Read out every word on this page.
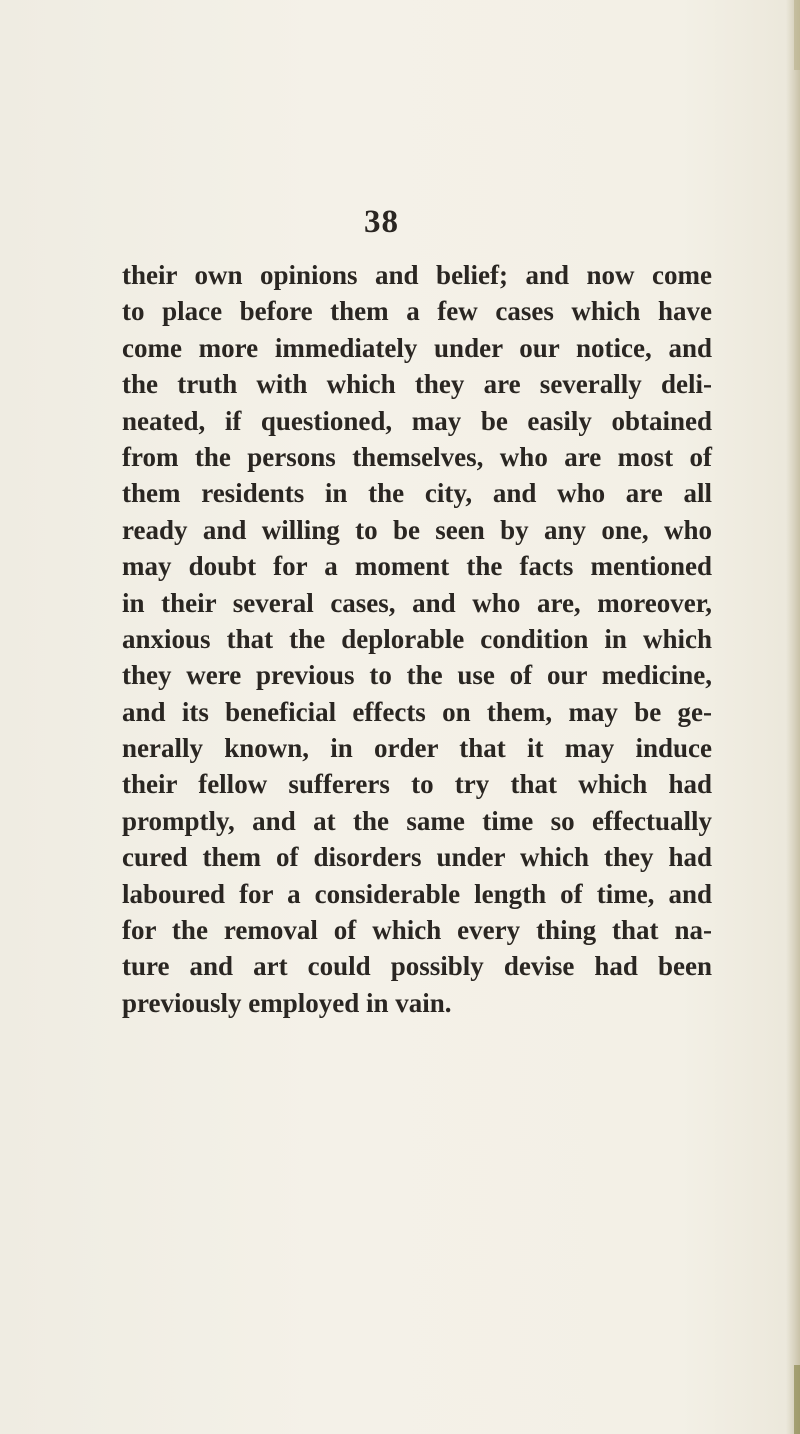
38
their own opinions and belief; and now come
to place before them a few cases which have
come more immediately under our notice, and
the truth with which they are severally deli-
neated, if questioned, may be easily obtained
from the persons themselves, who are most of
them residents in the city, and who are all
ready and willing to be seen by any one, who
may doubt for a moment the facts mentioned
in their several cases, and who are, moreover,
anxious that the deplorable condition in which
they were previous to the use of our medicine,
and its beneficial effects on them, may be ge-
nerally known, in order that it may induce
their fellow sufferers to try that which had
promptly, and at the same time so effectually
cured them of disorders under which they had
laboured for a considerable length of time, and
for the removal of which every thing that na-
ture and art could possibly devise had been
previously employed in vain.
